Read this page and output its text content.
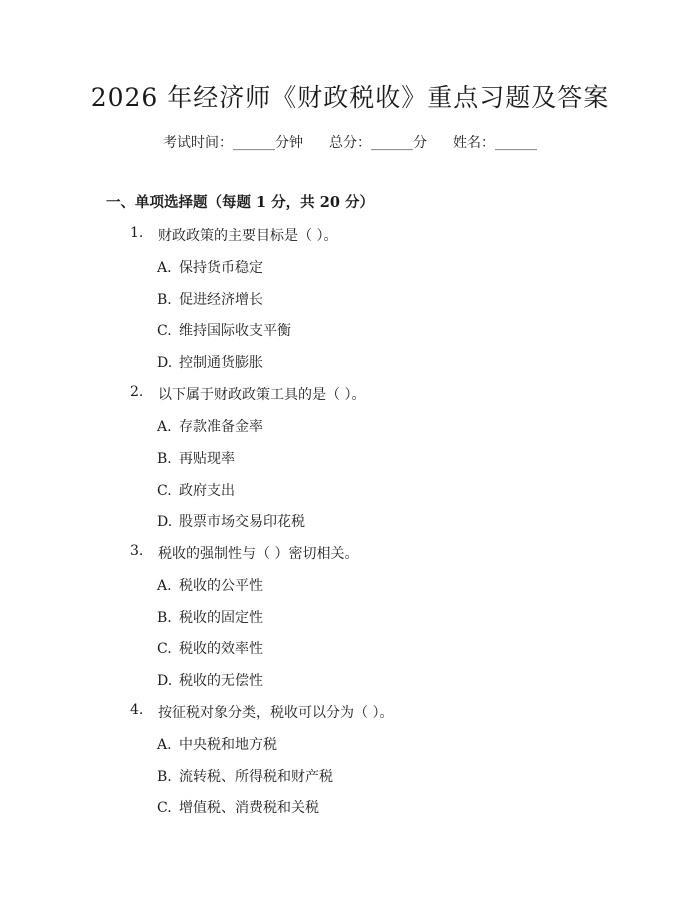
2026 年经济师《财政税收》重点习题及答案
考试时间：______分钟 总分：______分 姓名：______
一、单项选择题（每题 1 分，共 20 分）
1. 财政政策的主要目标是（ ）。
A. 保持货币稳定
B. 促进经济增长
C. 维持国际收支平衡
D. 控制通货膨胀
2. 以下属于财政政策工具的是（ ）。
A. 存款准备金率
B. 再贴现率
C. 政府支出
D. 股票市场交易印花税
3. 税收的强制性与（ ）密切相关。
A. 税收的公平性
B. 税收的固定性
C. 税收的效率性
D. 税收的无偿性
4. 按征税对象分类，税收可以分为（ ）。
A. 中央税和地方税
B. 流转税、所得税和财产税
C. 增值税、消费税和关税
